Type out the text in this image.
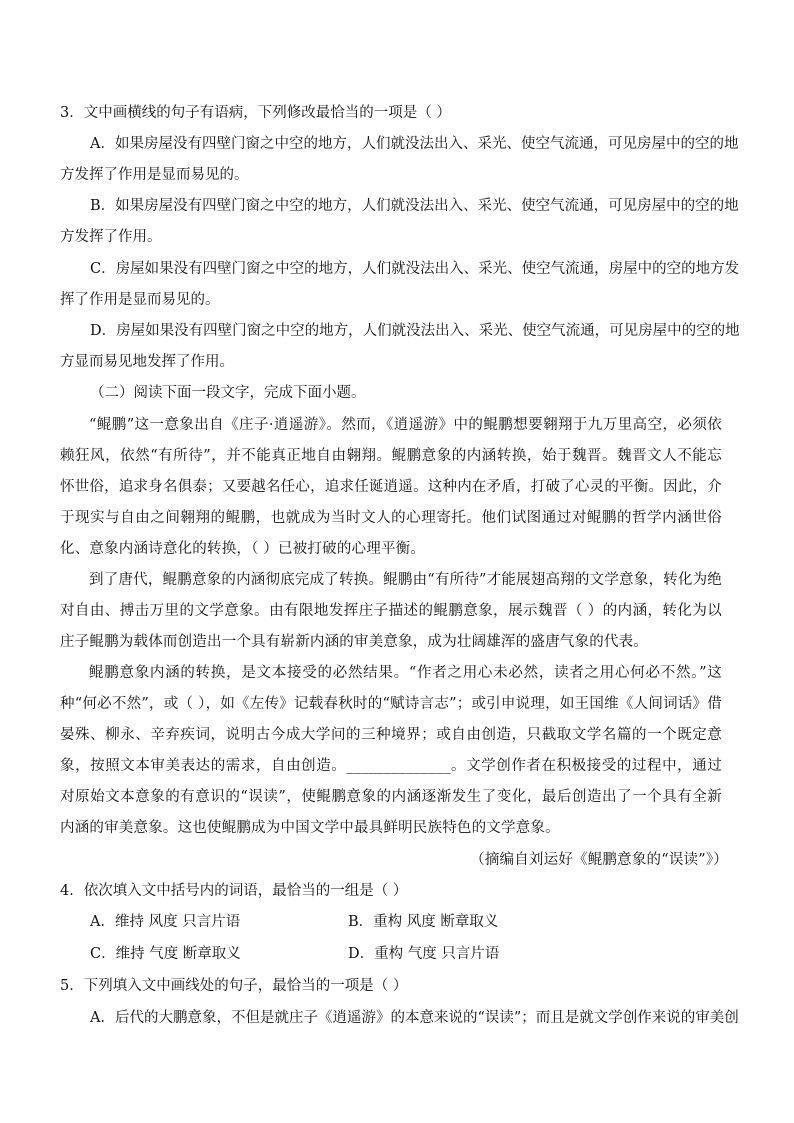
3．文中画横线的句子有语病，下列修改最恰当的一项是（ ）
A．如果房屋没有四壁门窗之中空的地方，人们就没法出入、采光、使空气流通，可见房屋中的空的地
方发挥了作用是显而易见的。
B．如果房屋没有四壁门窗之中空的地方，人们就没法出入、采光、使空气流通，可见房屋中的空的地
方发挥了作用。
C．房屋如果没有四壁门窗之中空的地方，人们就没法出入、采光、使空气流通，房屋中的空的地方发
挥了作用是显而易见的。
D．房屋如果没有四壁门窗之中空的地方，人们就没法出入、采光、使空气流通，可见房屋中的空的地
方显而易见地发挥了作用。
（二）阅读下面一段文字，完成下面小题。
“鲲鹏”这一意象出自《庄子·逍遥游》。然而，《逍遥游》中的鲲鹏想要翱翔于九万里高空，必须依赖狂风，依然“有所待”，并不能真正地自由翱翔。鲲鹏意象的内涵转换，始于魏晋。魏晋文人不能忘怀世俗，追求身名俱泰；又要越名任心，追求任诞逍遥。这种内在矛盾，打破了心灵的平衡。因此，介于现实与自由之间翱翔的鲲鹏，也就成为当时文人的心理寄托。他们试图通过对鲲鹏的哲学内涵世俗化、意象内涵诗意化的转换，（ ）已被打破的心理平衡。
到了唐代，鲲鹏意象的内涵彻底完成了转换。鲲鹏由“有所待”才能展翅高翔的文学意象，转化为绝对自由、搏击万里的文学意象。由有限地发挥庄子描述的鲲鹏意象，展示魏晋（ ）的内涵，转化为以庄子鲲鹏为载体而创造出一个具有崭新内涵的审美意象，成为壮阔雄浑的盛唐气象的代表。
鲲鹏意象内涵的转换，是文本接受的必然结果。“作者之用心未必然，读者之用心何必不然。”这种“何必不然”，或（ ），如《左传》记载春秋时的“赋诗言志”；或引申说理，如王国维《人间词话》借晏殊、柳永、辛弃疾词，说明古今成大学问的三种境界；或自由创造，只截取文学名篇的一个既定意象，按照文本审美表达的需求，自由创造。______________。文学创作者在积极接受的过程中，通过对原始文本意象的有意识的“误读”，使鲲鹏意象的内涵逐渐发生了变化，最后创造出了一个具有全新内涵的审美意象。这也使鲲鹏成为中国文学中最具鲜明民族特色的文学意象。
（摘编自刘运好《鲲鹏意象的“误读”》）
4．依次填入文中括号内的词语，最恰当的一组是（ ）
A．维持 风度 只言片语	B．重构 风度 断章取义
C．维持 气度 断章取义	D．重构 气度 只言片语
5．下列填入文中画线处的句子，最恰当的一项是（ ）
A．后代的大鹏意象，不但是就庄子《逍遥游》的本意来说的“误读”；而且是就文学创作来说的审美创
